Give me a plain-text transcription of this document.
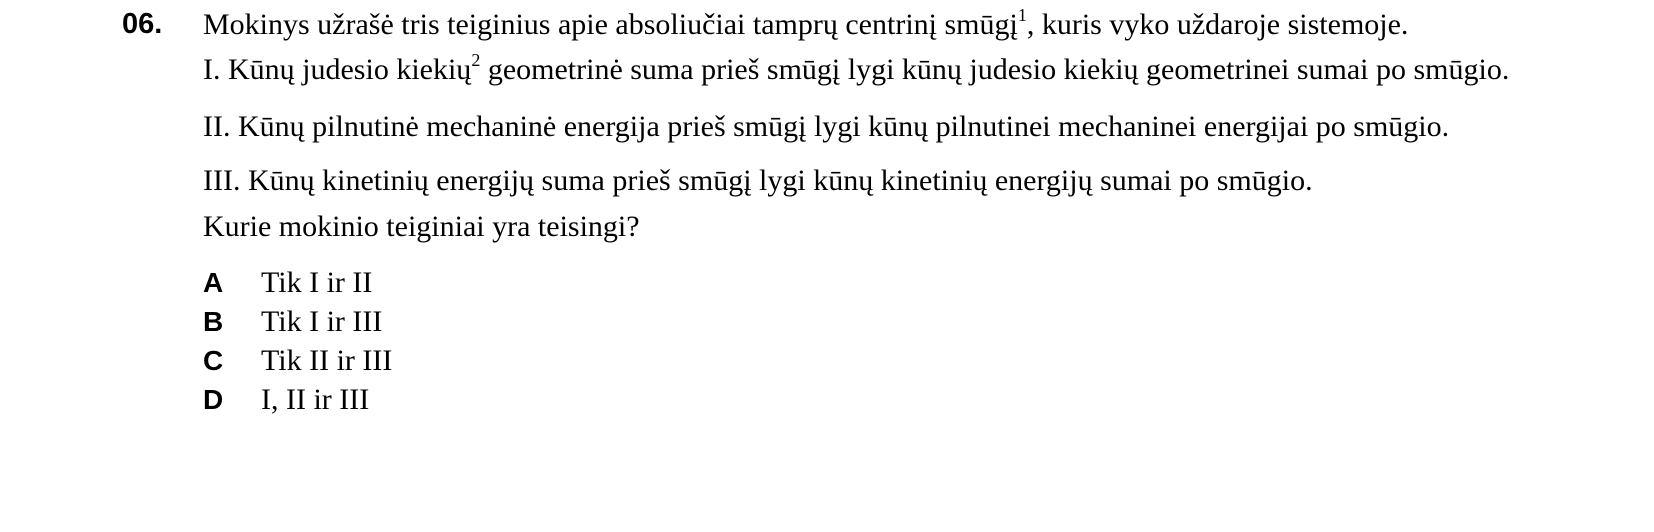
06. Mokinys užrašė tris teiginius apie absoliučiai tamprų centrinį smūgį$^1$, kuris vyko uždaroje sistemoje.

I. Kūnų judesio kiekių$^2$ geometrinė suma prieš smūgį lygi kūnų judesio kiekių geometrinei sumai po smūgio.

II. Kūnų pilnutinė mechaninė energija prieš smūgį lygi kūnų pilnutinei mechaninei energijai po smūgio.

III. Kūnų kinetinių energijų suma prieš smūgį lygi kūnų kinetinių energijų sumai po smūgio.

Kurie mokinio teiginiai yra teisingi?

A	Tik I ir II
B	Tik I ir III
C	Tik II ir III
D	I, II ir III
